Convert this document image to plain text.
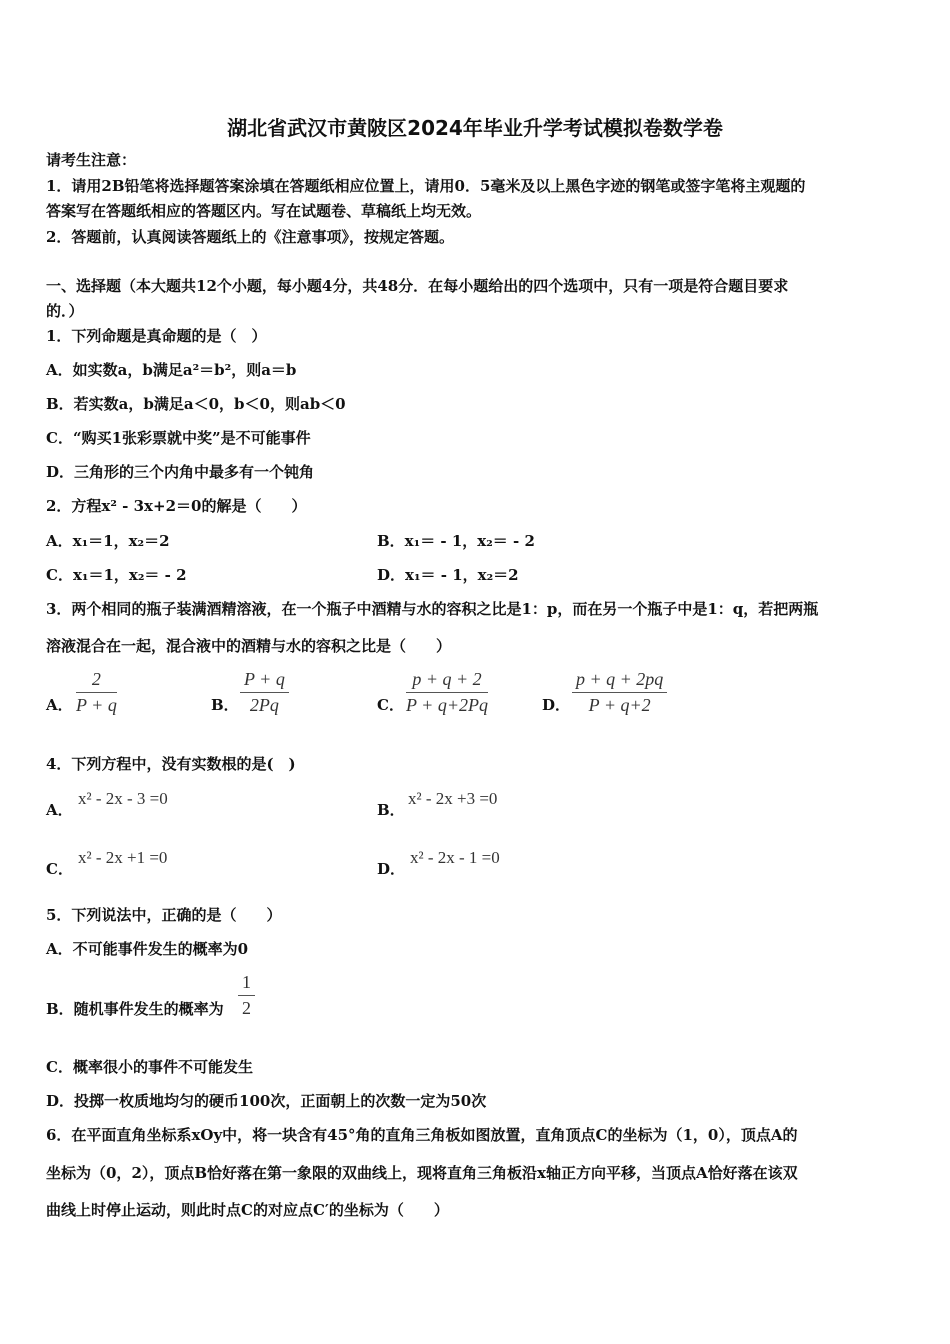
湖北省武汉市黄陂区2024年毕业升学考试模拟卷数学卷
请考生注意：
1．请用2B铅笔将选择题答案涂填在答题纸相应位置上，请用0．5毫米及以上黑色字迹的钢笔或签字笔将主观题的
答案写在答题纸相应的答题区内。写在试题卷、草稿纸上均无效。
2．答题前，认真阅读答题纸上的《注意事项》，按规定答题。
一、选择题（本大题共12个小题，每小题4分，共48分．在每小题给出的四个选项中，只有一项是符合题目要求
的．）
1．下列命题是真命题的是（　）
A．如实数a，b满足a²＝b²，则a＝b
B．若实数a，b满足a＜0，b＜0，则ab＜0
C．“购买1张彩票就中奖”是不可能事件
D．三角形的三个内角中最多有一个钝角
2．方程x² - 3x+2＝0的解是（　　）
A．x₁＝1，x₂＝2	B．x₁＝ - 1，x₂＝ - 2
C．x₁＝1，x₂＝ - 2	D．x₁＝ - 1，x₂＝2
3．两个相同的瓶子装满酒精溶液，在一个瓶子中酒精与水的容积之比是1：p，而在另一个瓶子中是1：q，若把两瓶
溶液混合在一起，混合液中的酒精与水的容积之比是（　　）
A． $\frac{2}{P + q}$	B． $\frac{P + q}{2Pq}$	C． $\frac{p + q + 2}{P + q+2Pq}$	D． $\frac{p + q + 2pq}{P + q+2}$
4．下列方程中，没有实数根的是(　)
A．
x² - 2x - 3 =0
B．
x² - 2x +3 =0
C．
x² - 2x +1 =0
D．
x² - 2x - 1 =0
5．下列说法中，正确的是（　　）
A．不可能事件发生的概率为0
B．随机事件发生的概率为 $\frac{1}{2}$
C．概率很小的事件不可能发生
D．投掷一枚质地均匀的硬币100次，正面朝上的次数一定为50次
6．在平面直角坐标系xOy中，将一块含有45°角的直角三角板如图放置，直角顶点C的坐标为（1，0），顶点A的
坐标为（0，2），顶点B恰好落在第一象限的双曲线上，现将直角三角板沿x轴正方向平移，当顶点A恰好落在该双
曲线上时停止运动，则此时点C的对应点C′的坐标为（　　）
